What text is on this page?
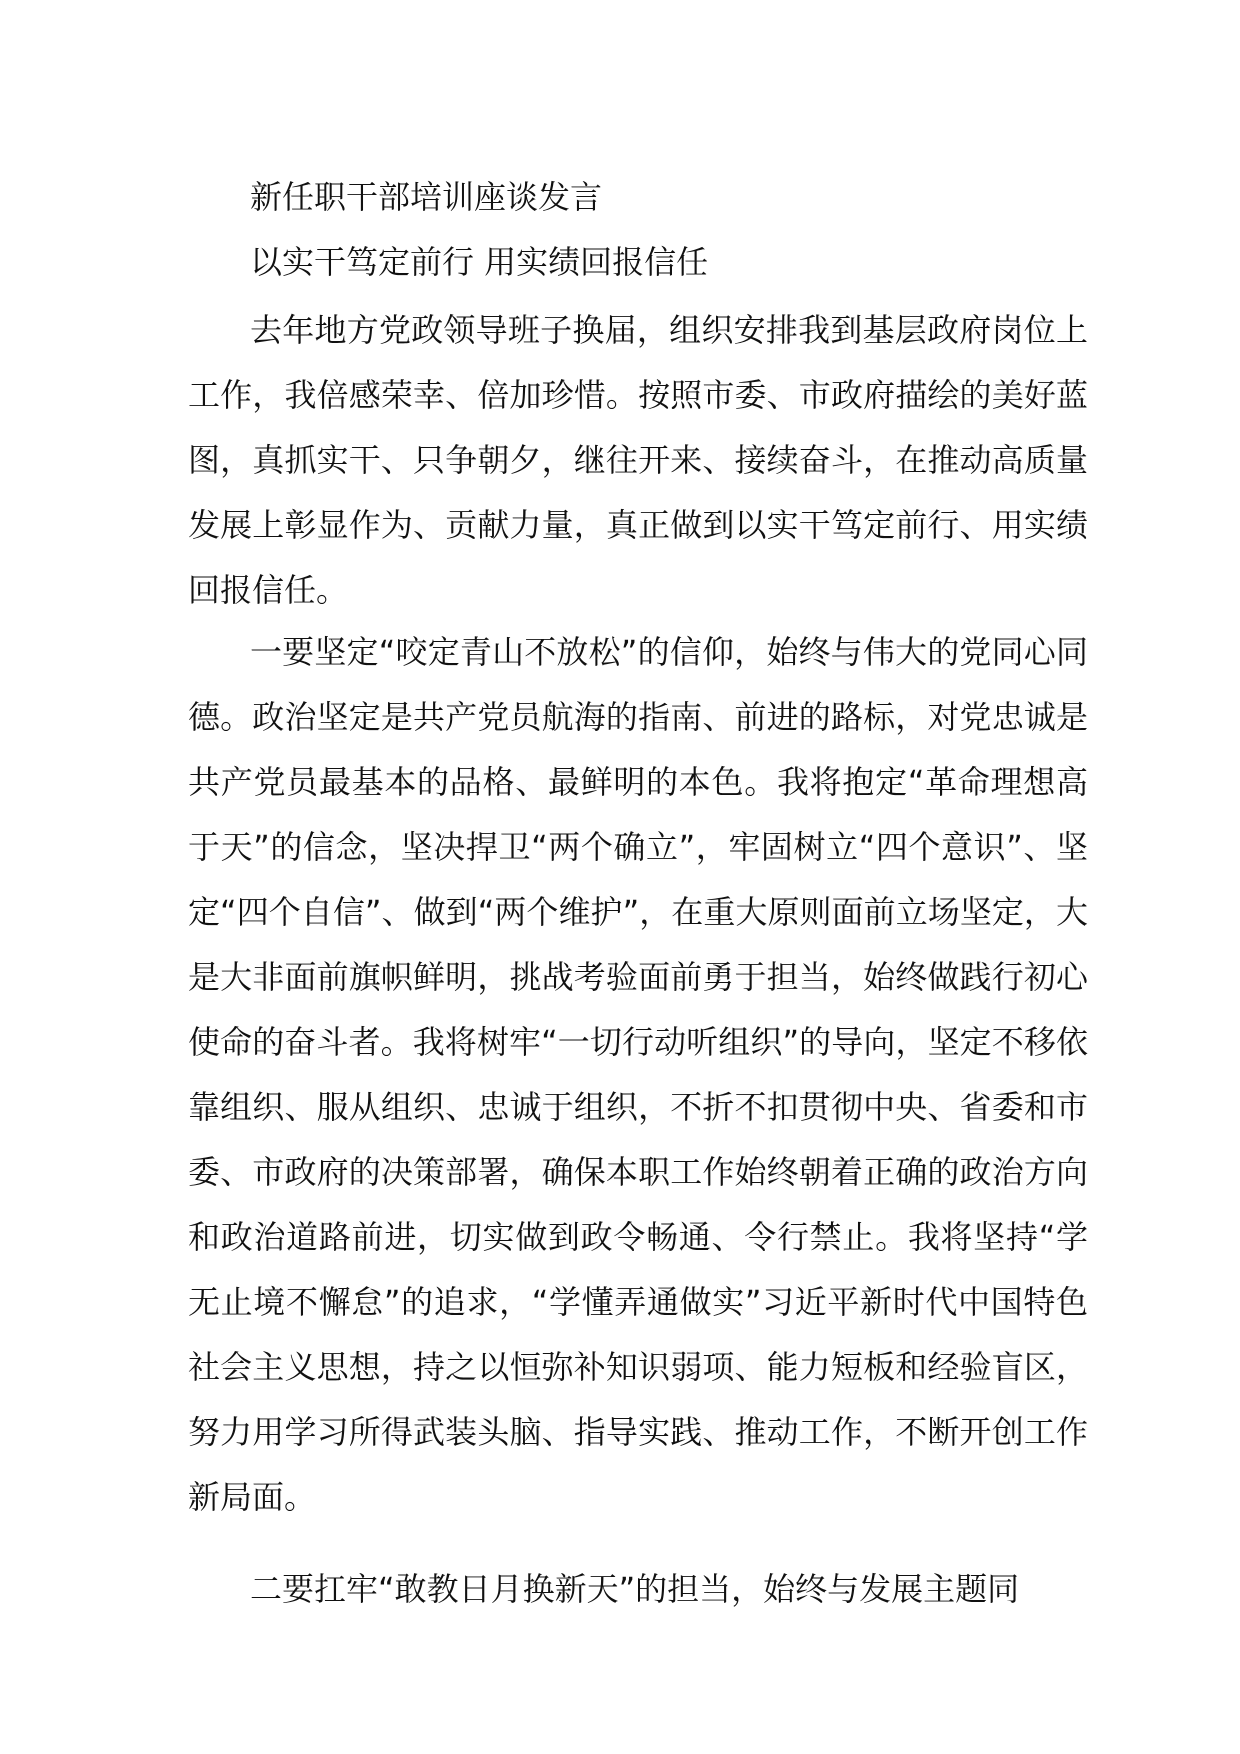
新任职干部培训座谈发言
以实干笃定前行 用实绩回报信任

去年地方党政领导班子换届，组织安排我到基层政府岗位上工作，我倍感荣幸、倍加珍惜。按照市委、市政府描绘的美好蓝图，真抓实干、只争朝夕，继往开来、接续奋斗，在推动高质量发展上彰显作为、贡献力量，真正做到以实干笃定前行、用实绩回报信任。

一要坚定“咬定青山不放松”的信仰，始终与伟大的党同心同德。政治坚定是共产党员航海的指南、前进的路标，对党忠诚是共产党员最基本的品格、最鲜明的本色。我将抱定“革命理想高于天”的信念，坚决捍卫“两个确立”，牢固树立“四个意识”、坚定“四个自信”、做到“两个维护”，在重大原则面前立场坚定，大是大非面前旗帜鲜明，挑战考验面前勇于担当，始终做践行初心使命的奋斗者。我将树牢“一切行动听组织”的导向，坚定不移依靠组织、服从组织、忠诚于组织，不折不扣贯彻中央、省委和市委、市政府的决策部署，确保本职工作始终朝着正确的政治方向和政治道路前进，切实做到政令畅通、令行禁止。我将坚持“学无止境不懈怠”的追求，“学懂弄通做实”习近平新时代中国特色社会主义思想，持之以恒弥补知识弱项、能力短板和经验盲区，努力用学习所得武装头脑、指导实践、推动工作，不断开创工作新局面。

二要扛牢“敢教日月换新天”的担当，始终与发展主题同
